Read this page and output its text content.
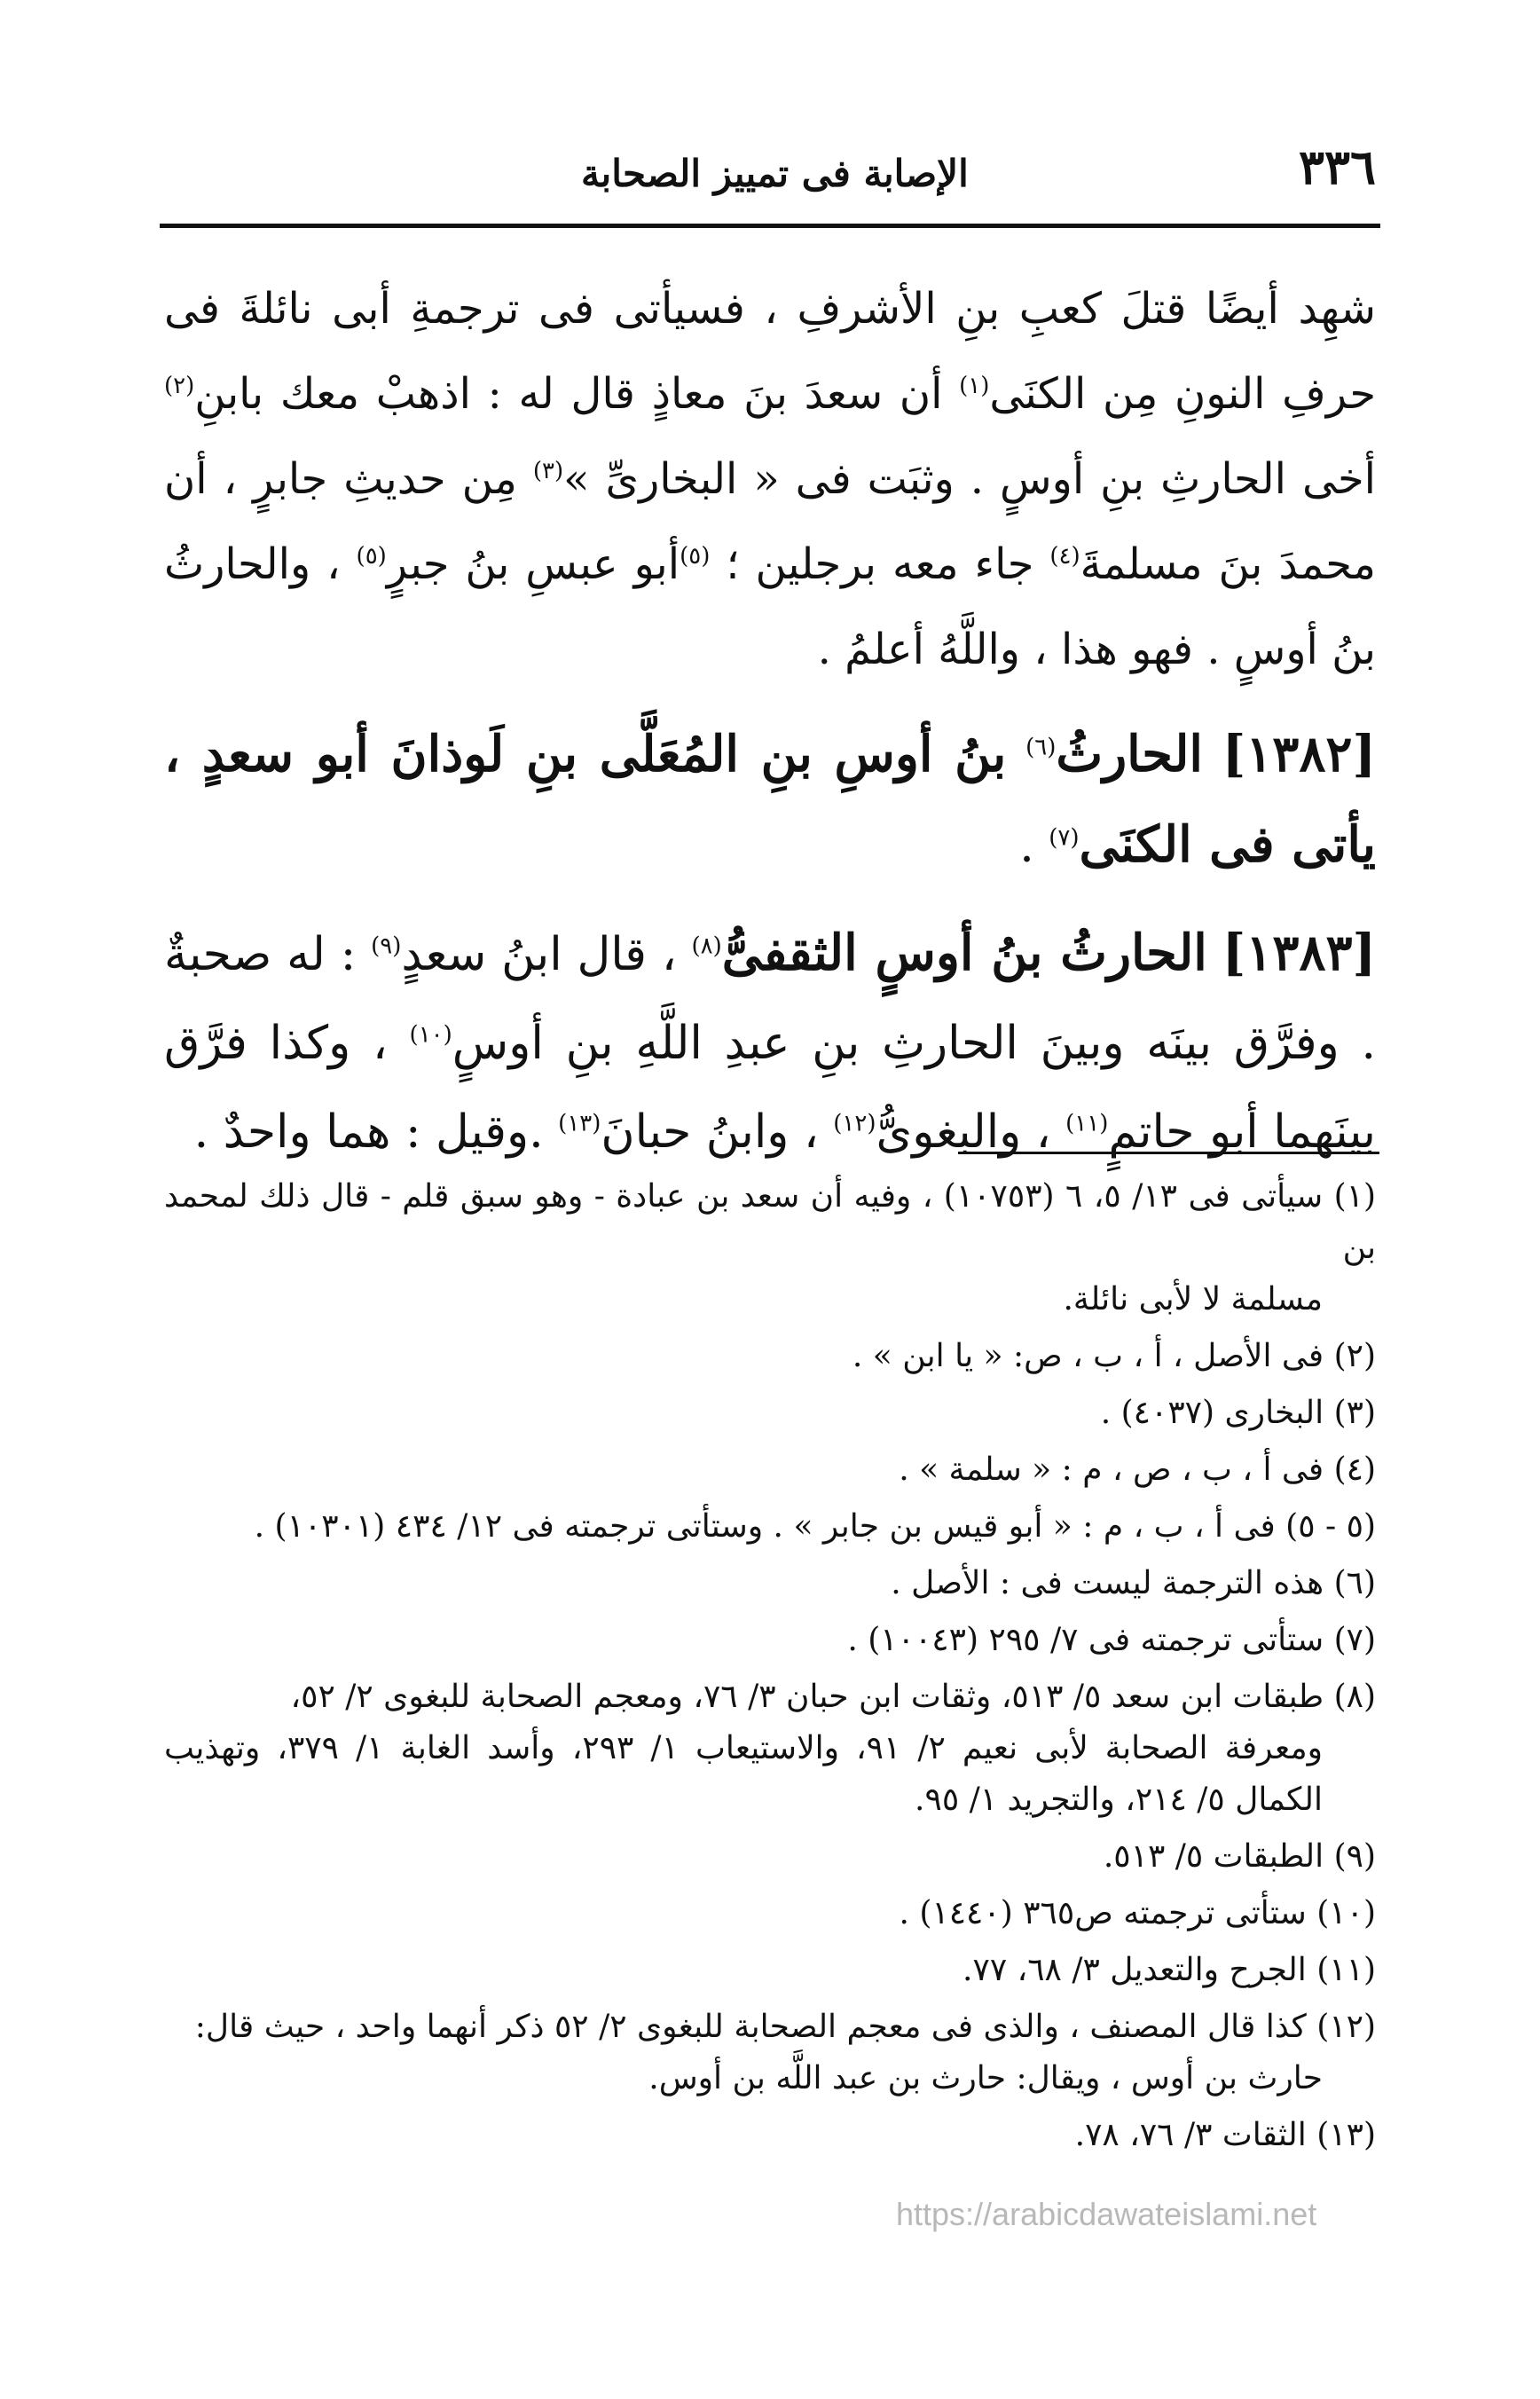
٣٣٦
الإصابة فى تمييز الصحابة

شهِد أيضًا قتلَ كعبِ بنِ الأشرفِ ، فسيأتى فى ترجمةِ أبى نائلةَ فى حرفِ النونِ مِن الكنَى$^{(١)}$ أن سعدَ بنَ معاذٍ قال له : اذهبْ معك بابنِ$^{(٢)}$ أخى الحارثِ بنِ أوسٍ . وثبَت فى « البخارىِّ »$^{(٣)}$ مِن حديثِ جابرٍ ، أن محمدَ بنَ مسلمةَ$^{(٤)}$ جاء معه برجلين ؛ $^{(٥)}$أبو عبسِ بنُ جبرٍ$^{(٥)}$ ، والحارثُ بنُ أوسٍ . فهو هذا ، واللَّهُ أعلمُ .

[١٣٨٢] الحارثُ$^{(٦)}$ بنُ أوسِ بنِ المُعَلَّى بنِ لَوذانَ أبو سعدٍ ، يأتى فى الكنَى$^{(٧)}$ .

[١٣٨٣] الحارثُ بنُ أوسٍ الثقفىُّ$^{(٨)}$ ، قال ابنُ سعدٍ$^{(٩)}$ : له صحبةٌ . وفرَّق بينَه وبينَ الحارثِ بنِ عبدِ اللَّهِ بنِ أوسٍ$^{(١٠)}$ ، وكذا فرَّق بينَهما أبو حاتمٍ$^{(١١)}$ ، والبغوىُّ$^{(١٢)}$ ، وابنُ حبانَ$^{(١٣)}$ .وقيل : هما واحدٌ .

(١) سيأتى فى ١٣/ ٥، ٦ (١٠٧٥٣) ، وفيه أن سعد بن عبادة - وهو سبق قلم - قال ذلك لمحمد بن
مسلمة لا لأبى نائلة.

(٢) فى الأصل ، أ ، ب ، ص: « يا ابن » .

(٣) البخارى (٤٠٣٧) .

(٤) فى أ ، ب ، ص ، م : « سلمة » .

(٥ - ٥) فى أ ، ب ، م : « أبو قيس بن جابر » . وستأتى ترجمته فى ١٢/ ٤٣٤ (١٠٣٠١) .

(٦) هذه الترجمة ليست فى : الأصل .

(٧) ستأتى ترجمته فى ٧/ ٢٩٥ (١٠٠٤٣) .

(٨) طبقات ابن سعد ٥/ ٥١٣، وثقات ابن حبان ٣/ ٧٦، ومعجم الصحابة للبغوى ٢/ ٥٢،
ومعرفة الصحابة لأبى نعيم ٢/ ٩١، والاستيعاب ١/ ٢٩٣، وأسد الغابة ١/ ٣٧٩، وتهذيب الكمال ٥/ ٢١٤، والتجريد ١/ ٩٥.

(٩) الطبقات ٥/ ٥١٣.

(١٠) ستأتى ترجمته ص٣٦٥ (١٤٤٠) .

(١١) الجرح والتعديل ٣/ ٦٨، ٧٧.

(١٢) كذا قال المصنف ، والذى فى معجم الصحابة للبغوى ٢/ ٥٢ ذكر أنهما واحد ، حيث قال:
حارث بن أوس ، ويقال: حارث بن عبد اللَّه بن أوس.

(١٣) الثقات ٣/ ٧٦، ٧٨.

https://arabicdawateislami.net
